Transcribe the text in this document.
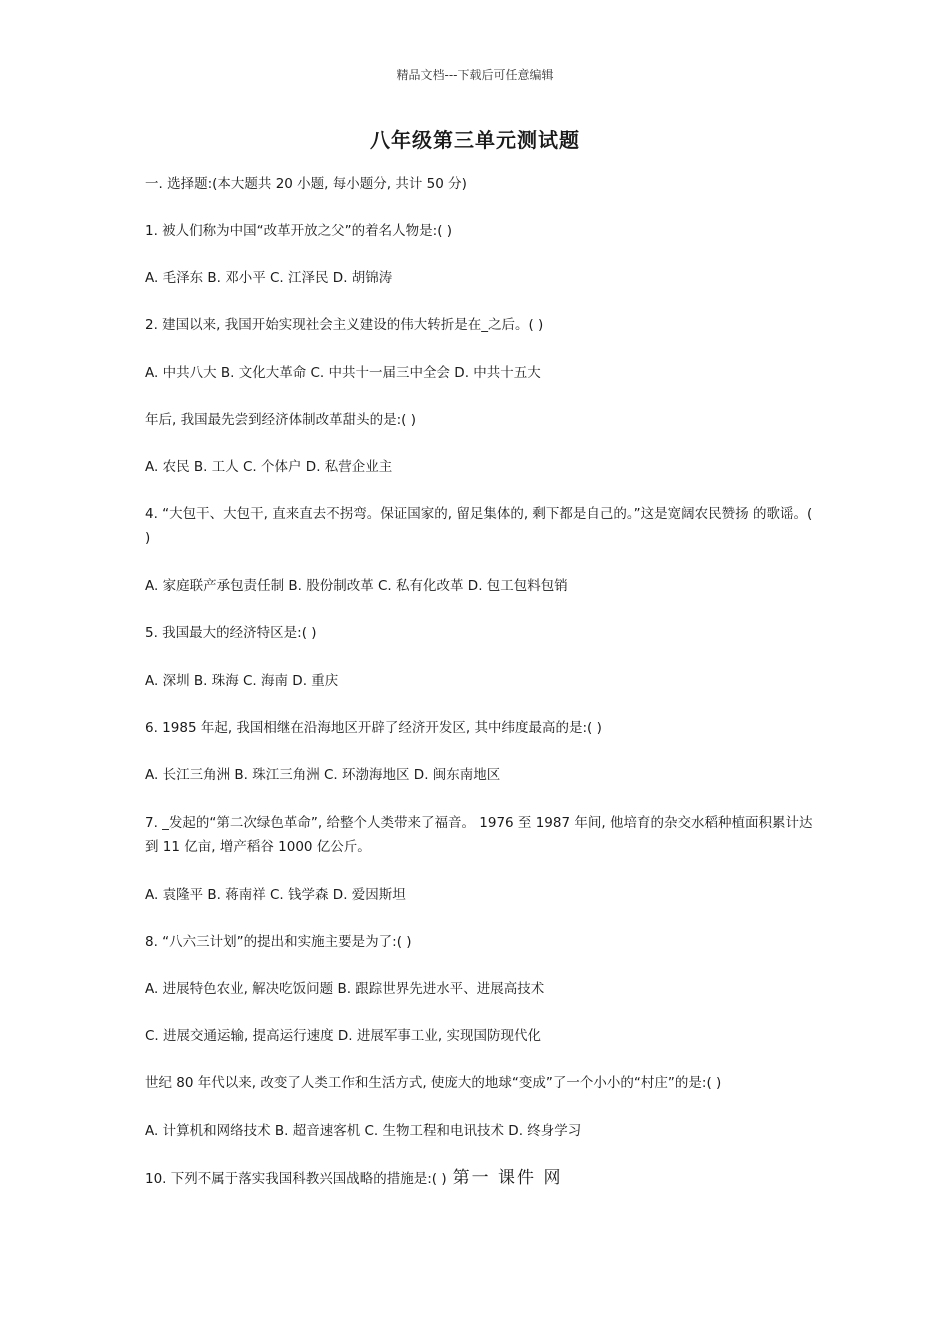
精品文档---下载后可任意编辑
八年级第三单元测试题
一. 选择题:(本大题共 20 小题, 每小题分, 共计 50 分)
1. 被人们称为中国“改革开放之父”的着名人物是:( )
A. 毛泽东 B. 邓小平 C. 江泽民 D. 胡锦涛
2. 建国以来, 我国开始实现社会主义建设的伟大转折是在_之后。( )
A. 中共八大 B. 文化大革命 C. 中共十一届三中全会 D. 中共十五大
年后, 我国最先尝到经济体制改革甜头的是:( )
A. 农民 B. 工人 C. 个体户 D. 私营企业主
4. “大包干、大包干, 直来直去不拐弯。保证国家的, 留足集体的, 剩下都是自己的。”这是宽阔农民赞扬 的歌谣。( )
A. 家庭联产承包责任制 B. 股份制改革 C. 私有化改革 D. 包工包料包销
5. 我国最大的经济特区是:( )
A. 深圳 B. 珠海 C. 海南 D. 重庆
6. 1985 年起, 我国相继在沿海地区开辟了经济开发区, 其中纬度最高的是:( )
A. 长江三角洲 B. 珠江三角洲 C. 环渤海地区 D. 闽东南地区
7. _发起的“第二次绿色革命”, 给整个人类带来了福音。 1976 至 1987 年间, 他培育的杂交水稻种植面积累计达到 11 亿亩, 增产稻谷 1000 亿公斤。
A. 袁隆平 B. 蒋南祥 C. 钱学森 D. 爱因斯坦
8. “八六三计划”的提出和实施主要是为了:( )
A. 进展特色农业, 解决吃饭问题 B. 跟踪世界先进水平、进展高技术
C. 进展交通运输, 提高运行速度 D. 进展军事工业, 实现国防现代化
世纪 80 年代以来, 改变了人类工作和生活方式, 使庞大的地球“变成”了一个小小的“村庄”的是:( )
A. 计算机和网络技术 B. 超音速客机 C. 生物工程和电讯技术 D. 终身学习
10. 下列不属于落实我国科教兴国战略的措施是:( ) 第一 课件 网
